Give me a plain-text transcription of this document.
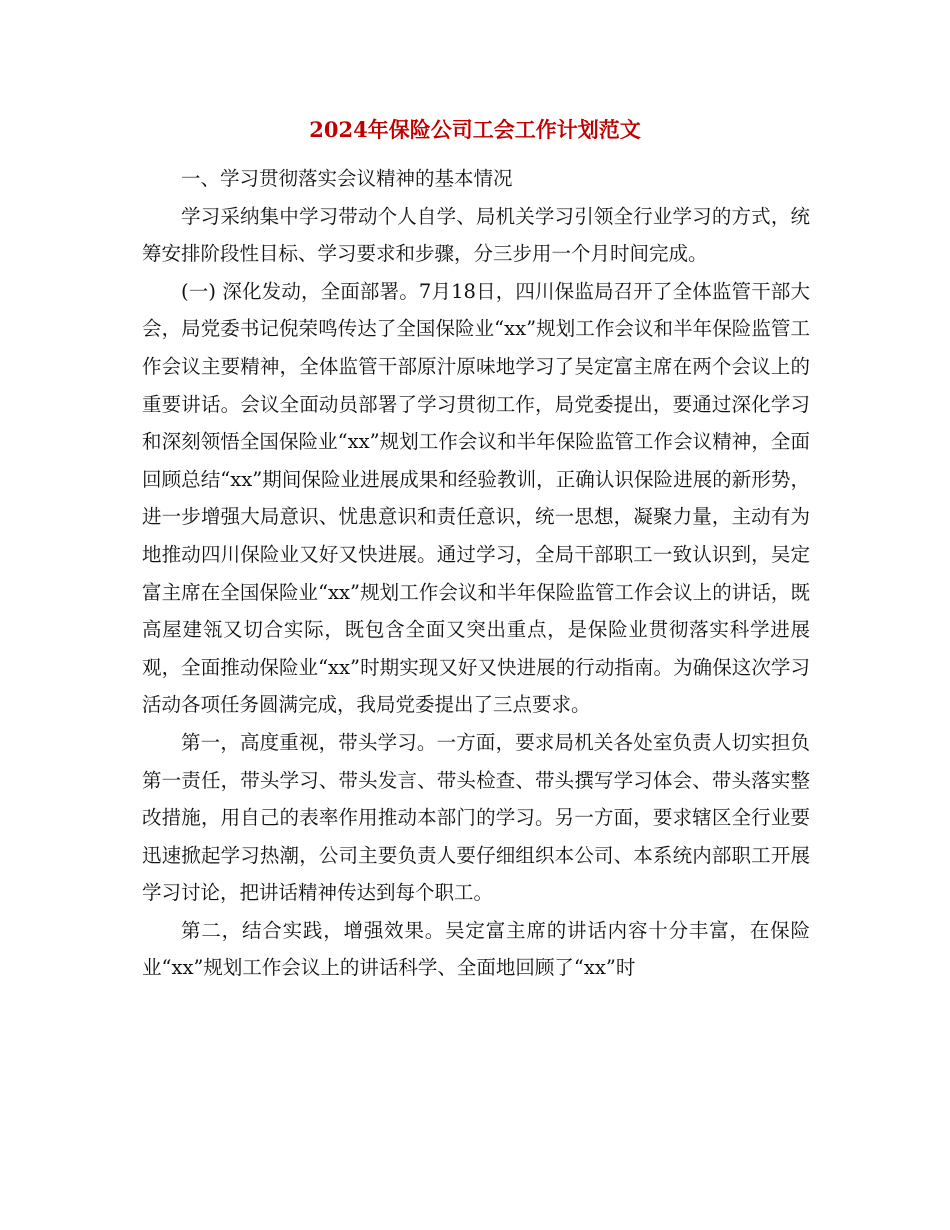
2024年保险公司工会工作计划范文

一、学习贯彻落实会议精神的基本情况

学习采纳集中学习带动个人自学、局机关学习引领全行业学习的方式，统筹安排阶段性目标、学习要求和步骤，分三步用一个月时间完成。

(一) 深化发动，全面部署。7月18日，四川保监局召开了全体监管干部大会，局党委书记倪荣鸣传达了全国保险业“xx”规划工作会议和半年保险监管工作会议主要精神，全体监管干部原汁原味地学习了吴定富主席在两个会议上的重要讲话。会议全面动员部署了学习贯彻工作，局党委提出，要通过深化学习和深刻领悟全国保险业“xx”规划工作会议和半年保险监管工作会议精神，全面回顾总结“xx”期间保险业进展成果和经验教训，正确认识保险进展的新形势，进一步增强大局意识、忧患意识和责任意识，统一思想，凝聚力量，主动有为地推动四川保险业又好又快进展。通过学习，全局干部职工一致认识到，吴定富主席在全国保险业“xx”规划工作会议和半年保险监管工作会议上的讲话，既高屋建瓴又切合实际，既包含全面又突出重点，是保险业贯彻落实科学进展观，全面推动保险业“xx”时期实现又好又快进展的行动指南。为确保这次学习活动各项任务圆满完成，我局党委提出了三点要求。

第一，高度重视，带头学习。一方面，要求局机关各处室负责人切实担负第一责任，带头学习、带头发言、带头检查、带头撰写学习体会、带头落实整改措施，用自己的表率作用推动本部门的学习。另一方面，要求辖区全行业要迅速掀起学习热潮，公司主要负责人要仔细组织本公司、本系统内部职工开展学习讨论，把讲话精神传达到每个职工。

第二，结合实践，增强效果。吴定富主席的讲话内容十分丰富，在保险业“xx”规划工作会议上的讲话科学、全面地回顾了“xx”时
